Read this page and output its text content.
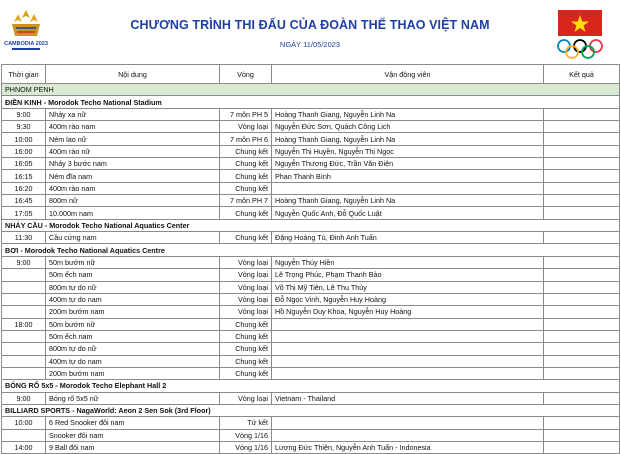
CAMBODIA 2023
CHƯƠNG TRÌNH THI ĐẤU CỦA ĐOÀN THỂ THAO VIỆT NAM
NGÀY 11/05/2023
Thời gian	Nội dung	Vòng	Vận động viên	Kết quả
PHNOM PENH				
ĐIỀN KINH - Morodok Techo National Stadium				
9:00	Nhảy xa nữ	7 môn PH 5	Hoàng Thanh Giang, Nguyễn Linh Na	
9:30	400m rào nam	Vòng loại	Nguyễn Đức Sơn, Quách Công Lịch	
10:00	Ném lao nữ	7 môn PH 6	Hoàng Thanh Giang, Nguyễn Linh Na	
16:00	400m rào nữ	Chung kết	Nguyễn Thị Huyền, Nguyễn Thị Ngọc	
16:05	Nhảy 3 bước nam	Chung kết	Nguyễn Thượng Đức, Trần Văn Điện	
16:15	Ném đĩa nam	Chung kết	Phan Thanh Bình	
16:20	400m rào nam	Chung kết		
16:45	800m nữ	7 môn PH 7	Hoàng Thanh Giang, Nguyễn Linh Na	
17:05	10.000m nam	Chung kết	Nguyễn Quốc Anh, Đỗ Quốc Luật	
NHẢY CẦU - Morodok Techo National Aquatics Center				
11:30	Cầu cứng nam	Chung kết	Đặng Hoàng Tú, Đinh Anh Tuấn	
BƠI - Morodok Techo National Aquatics Centre				
9:00	50m bướm nữ	Vòng loại	Nguyễn Thúy Hiền	
	50m ếch nam	Vòng loại	Lê Trọng Phúc, Phạm Thanh Bảo	
	800m tự do nữ	Vòng loại	Võ Thị Mỹ Tiên, Lê Thu Thủy	
	400m tự do nam	Vòng loại	Đỗ Ngọc Vinh, Nguyễn Huy Hoàng	
	200m bướm nam	Vòng loại	Hồ Nguyễn Duy Khoa, Nguyễn Huy Hoàng	
18:00	50m bướm nữ	Chung kết		
	50m ếch nam	Chung kết		
	800m tự do nữ	Chung kết		
	400m tự do nam	Chung kết		
	200m bướm nam	Chung kết		
BÓNG RỔ 5x5 - Morodok Techo Elephant Hall 2				
9:00	Bóng rổ 5x5 nữ	Vòng loại	Vietnam - Thailand	
BILLIARD SPORTS - NagaWorld: Aeon 2 Sen Sok (3rd Floor)				
10:00	6 Red Snooker đôi nam	Tứ kết		
	Snooker đôi nam	Vòng 1/16		
14:00	9 Ball đôi nam	Vòng 1/16	Lương Đức Thiện, Nguyễn Anh Tuấn - Indonesia	
